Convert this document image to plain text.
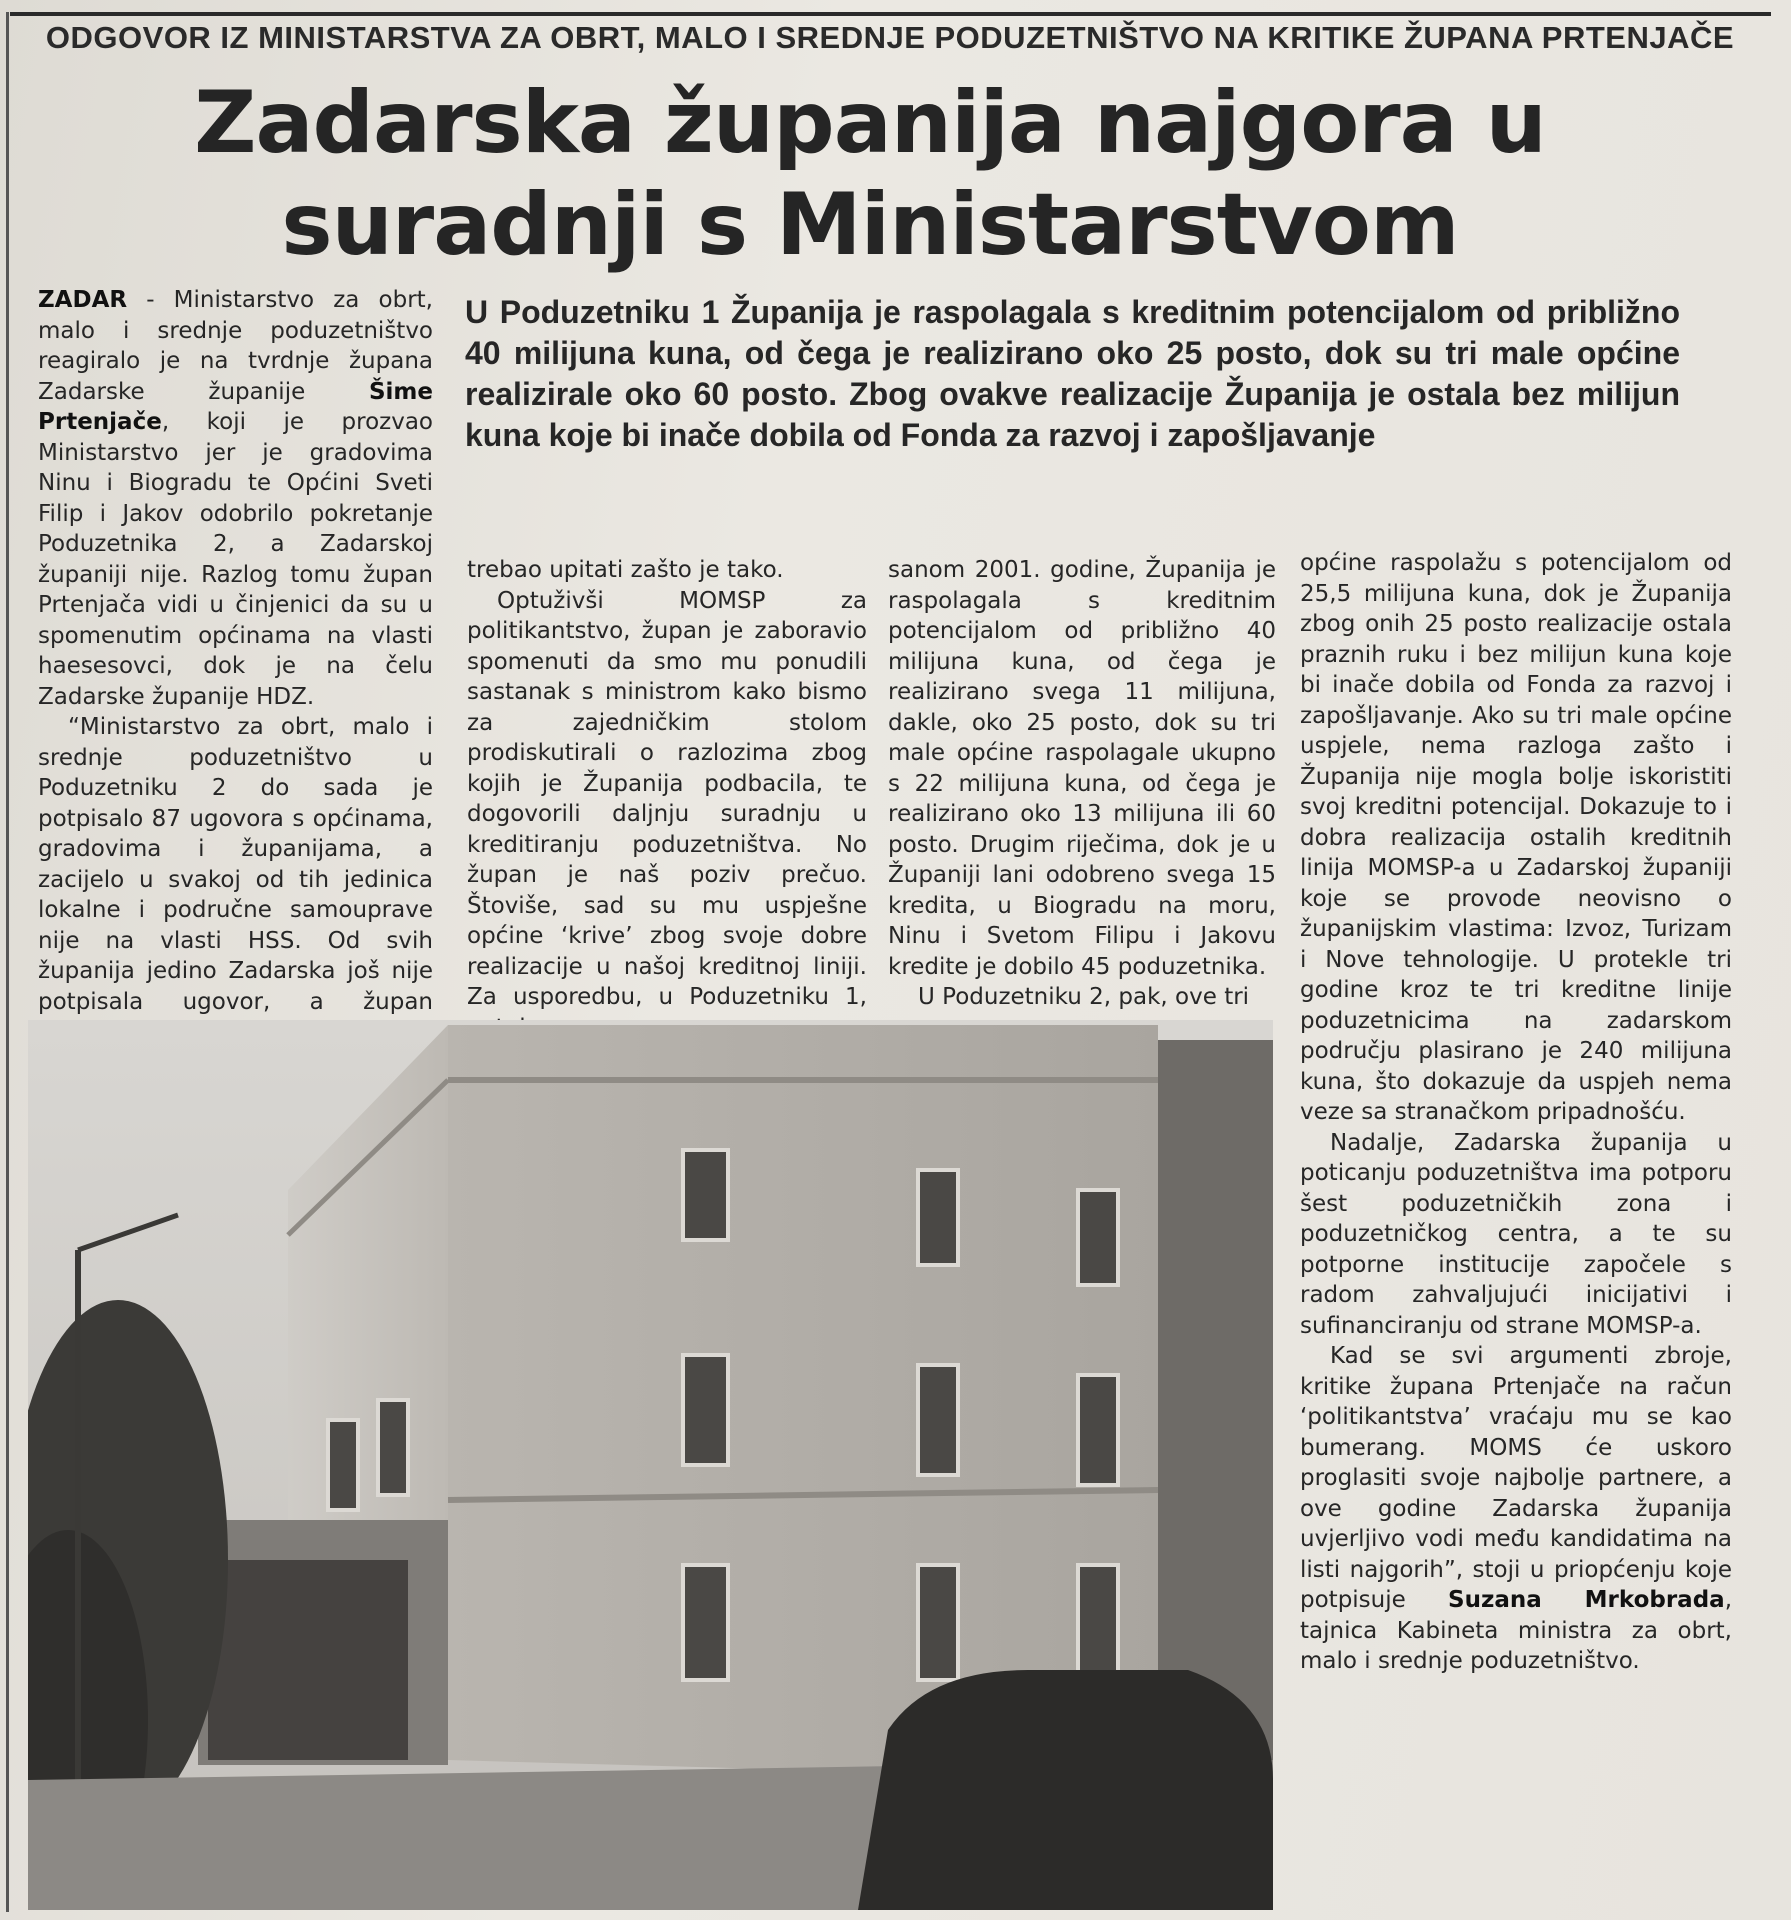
ODGOVOR IZ MINISTARSTVA ZA OBRT, MALO I SREDNJE PODUZETNIŠTVO NA KRITIKE ŽUPANA PRTENJAČE
Zadarska županija najgora u
suradnji s Ministarstvom
U Poduzetniku 1 Županija je raspolagala s kreditnim potencijalom od približno 40 milijuna kuna, od čega je realizirano oko 25 posto, dok su tri male općine realizirale oko 60 posto. Zbog ovakve realizacije Županija je ostala bez milijun kuna koje bi inače dobila od Fonda za razvoj i zapošljavanje

ZADAR - Ministarstvo za obrt, malo i srednje poduzetništvo reagiralo je na tvrdnje župana Zadarske županije Šime Prtenjače, koji je prozvao Ministarstvo jer je gradovima Ninu i Biogradu te Općini Sveti Filip i Jakov odobrilo pokretanje Poduzetnika 2, a Zadarskoj županiji nije. Razlog tomu župan Prtenjača vidi u činjenici da su u spomenutim općinama na vlasti haesesovci, dok je na čelu Zadarske županije HDZ.

“Ministarstvo za obrt, malo i srednje poduzetništvo u Poduzetniku 2 do sada je potpisalo 87 ugovora s općinama, gradovima i županijama, a zacijelo u svakoj od tih jedinica lokalne i područne samouprave nije na vlasti HSS. Od svih županija jedino Zadarska još nije potpisala ugovor, a župan

trebao upitati zašto je tako.

Optuživši MOMSP za politikantstvo, župan je zaboravio spomenuti da smo mu ponudili sastanak s ministrom kako bismo za zajedničkim stolom prodiskutirali o razlozima zbog kojih je Županija podbacila, te dogovorili daljnju suradnju u kreditiranju poduzetništva. No župan je naš poziv prečuo. Štoviše, sad su mu uspješne općine ‘krive’ zbog svoje dobre realizacije u našoj kreditnoj liniji. Za usporedbu, u Poduzetniku 1,

sanom 2001. godine, Županija je raspolagala s kreditnim potencijalom od približno 40 milijuna kuna, od čega je realizirano svega 11 milijuna, dakle, oko 25 posto, dok su tri male općine raspolagale ukupno s 22 milijuna kuna, od čega je realizirano oko 13 milijuna ili 60 posto. Drugim riječima, dok je u Županiji lani odobreno svega 15 kredita, u Biogradu na moru, Ninu i Svetom Filipu i Jakovu kredite je dobilo 45 poduzetnika.

U Poduzetniku 2, pak, ove tri

općine raspolažu s potencijalom od 25,5 milijuna kuna, dok je Županija zbog onih 25 posto realizacije ostala praznih ruku i bez milijun kuna koje bi inače dobila od Fonda za razvoj i zapošljavanje. Ako su tri male općine uspjele, nema razloga zašto i Županija nije mogla bolje iskoristiti svoj kreditni potencijal. Dokazuje to i dobra realizacija ostalih kreditnih linija MOMSP-a u Zadarskoj županiji koje se provode neovisno o županijskim vlastima: Izvoz, Turizam i Nove tehnologije. U protekle tri godine kroz te tri kreditne linije poduzetnicima na zadarskom području plasirano je 240 milijuna kuna, što dokazuje da uspjeh nema veze sa stranačkom pripadnošću.

Nadalje, Zadarska županija u poticanju poduzetništva ima potporu šest poduzetničkih zona i poduzetničkog centra, a te su potporne institucije započele s radom zahvaljujući inicijativi i sufinanciranju od strane MOMSP-a.

Kad se svi argumenti zbroje, kritike župana Prtenjače na račun ‘politikantstva’ vraćaju mu se kao bumerang. MOMS će uskoro proglasiti svoje najbolje partnere, a ove godine Zadarska županija uvjerljivo vodi među kandidatima na listi najgorih”, stoji u priopćenju koje potpisuje Suzana Mrkobrada, tajnica Kabineta ministra za obrt, malo i srednje poduzetništvo.
